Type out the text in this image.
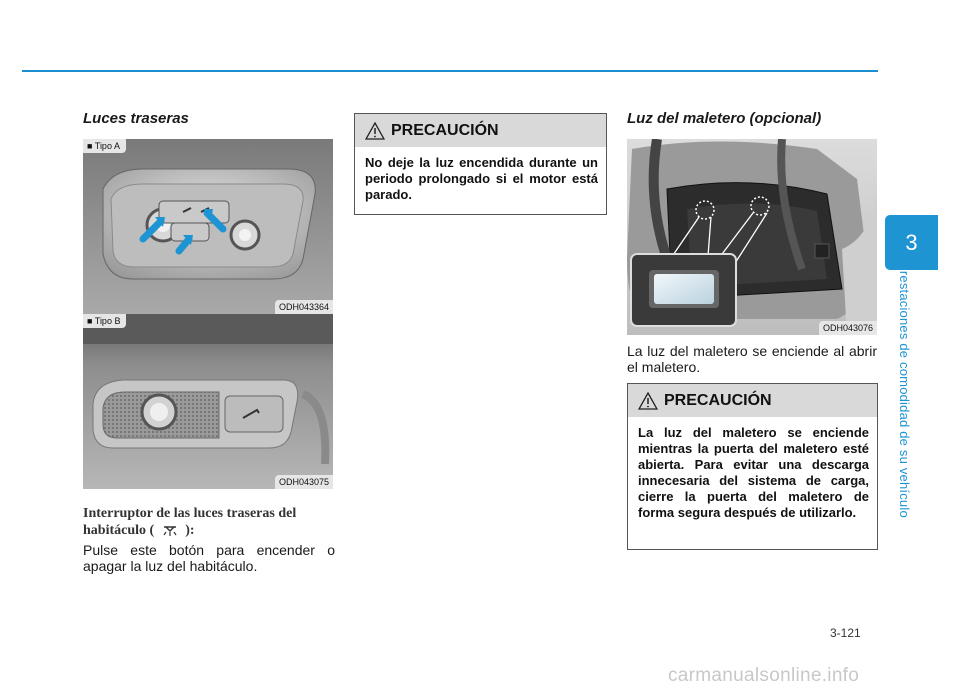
3
Prestaciones de comodidad de su vehículo
Luces traseras
■ Tipo A
ODH043364
■ Tipo B
ODH043075
Interruptor de las luces traseras del habitáculo ( ):
Pulse este botón para encender o apagar la luz del habitáculo.
PRECAUCIÓN
No deje la luz encendida durante un periodo prolongado si el motor está parado.
Luz del maletero (opcional)
ODH043076
La luz del maletero se enciende al abrir el maletero.
PRECAUCIÓN
La luz del maletero se enciende mientras la puerta del maletero esté abierta. Para evitar una descarga innecesaria del sistema de carga, cierre la puerta del maletero de forma segura después de utilizarlo.
3-121
carmanualsonline.info
